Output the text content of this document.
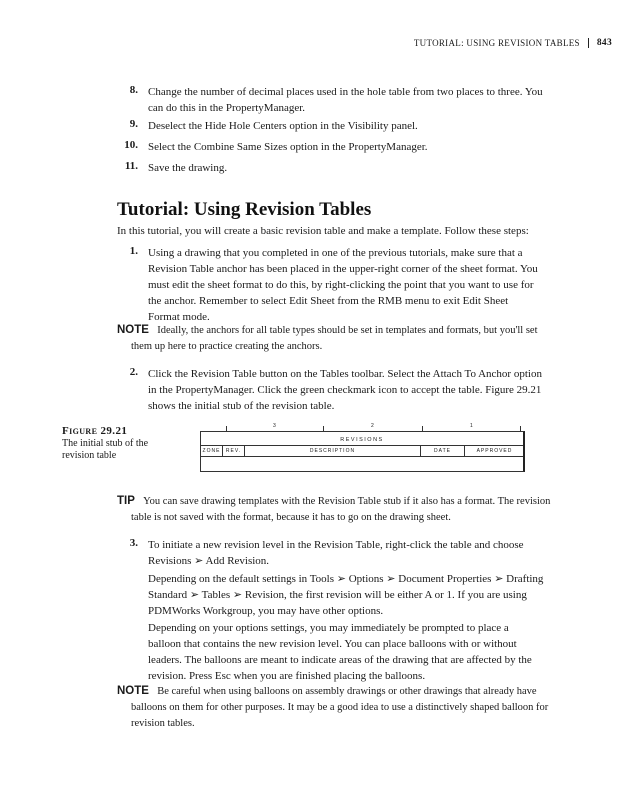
TUTORIAL: USING REVISION TABLES	843
8. Change the number of decimal places used in the hole table from two places to three. You
can do this in the PropertyManager.
9. Deselect the Hide Hole Centers option in the Visibility panel.
10. Select the Combine Same Sizes option in the PropertyManager.
11. Save the drawing.
Tutorial: Using Revision Tables
In this tutorial, you will create a basic revision table and make a template. Follow these steps:
1. Using a drawing that you completed in one of the previous tutorials, make sure that a
Revision Table anchor has been placed in the upper-right corner of the sheet format. You
must edit the sheet format to do this, by right-clicking the point that you want to use for
the anchor. Remember to select Edit Sheet from the RMB menu to exit Edit Sheet
Format mode.
NOTE Ideally, the anchors for all table types should be set in templates and formats, but you'll set
them up here to practice creating the anchors.
2. Click the Revision Table button on the Tables toolbar. Select the Attach To Anchor option
in the PropertyManager. Click the green checkmark icon to accept the table. Figure 29.21
shows the initial stub of the revision table.
Figure 29.21
The initial stub of the
revision table
3	2	1
REVISIONS
ZONE	REV.	DESCRIPTION	DATE	APPROVED
TIP You can save drawing templates with the Revision Table stub if it also has a format. The revision
table is not saved with the format, because it has to go on the drawing sheet.
3. To initiate a new revision level in the Revision Table, right-click the table and choose
Revisions ➢ Add Revision.
Depending on the default settings in Tools ➢ Options ➢ Document Properties ➢ Drafting
Standard ➢ Tables ➢ Revision, the first revision will be either A or 1. If you are using
PDMWorks Workgroup, you may have other options.
Depending on your options settings, you may immediately be prompted to place a
balloon that contains the new revision level. You can place balloons with or without
leaders. The balloons are meant to indicate areas of the drawing that are affected by the
revision. Press Esc when you are finished placing the balloons.
NOTE Be careful when using balloons on assembly drawings or other drawings that already have
balloons on them for other purposes. It may be a good idea to use a distinctively shaped balloon for
revision tables.
